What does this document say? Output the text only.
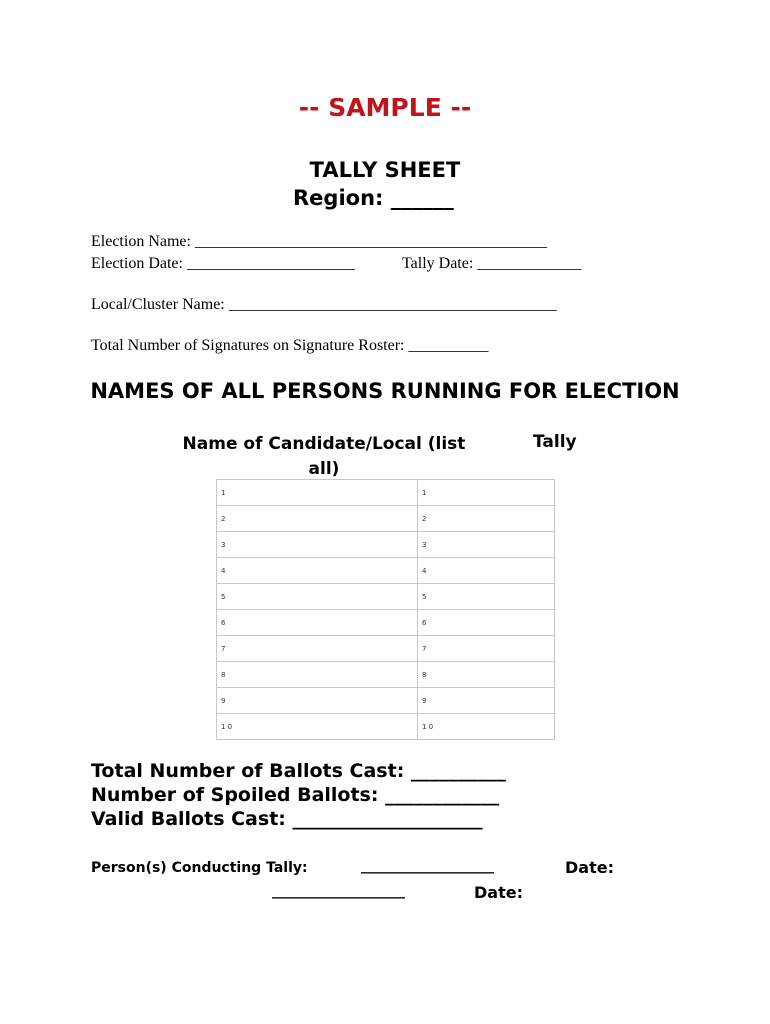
-- SAMPLE --
TALLY SHEET
Region: ______
Election Name: ____________________________________________
Election Date: _____________________	Tally Date: _____________
Local/Cluster Name: _________________________________________
Total Number of Signatures on Signature Roster: __________
NAMES OF ALL PERSONS RUNNING FOR ELECTION
Name of Candidate/Local (list all)
Tally
1	1
2	2
3	3
4	4
5	5
6	6
7	7
8	8
9	9
1 0	1 0
Total Number of Ballots Cast: __________
Number of Spoiled Ballots: ____________
Valid Ballots Cast: ____________________
Person(s) Conducting Tally:	___________________	Date:
___________________	Date:
